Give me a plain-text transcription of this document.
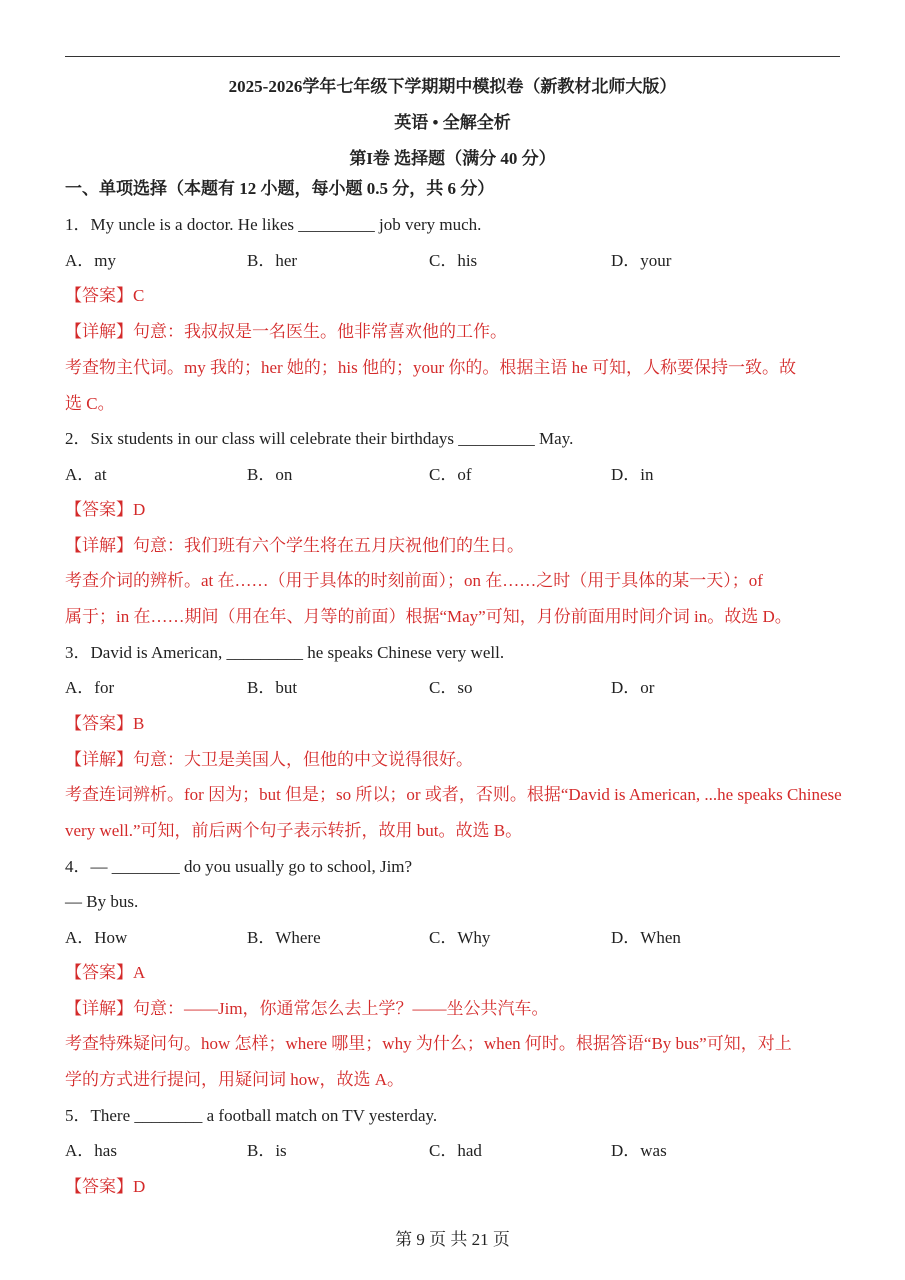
2025-2026学年七年级下学期期中模拟卷（新教材北师大版）
英语 • 全解全析
第I卷 选择题（满分 40 分）
一、单项选择（本题有 12 小题，每小题 0.5 分，共 6 分）
1．My uncle is a doctor. He likes _________ job very much.
A．my	B．her	C．his	D．your
【答案】C
【详解】句意：我叔叔是一名医生。他非常喜欢他的工作。
考查物主代词。my 我的；her 她的；his 他的；your 你的。根据主语 he 可知，人称要保持一致。故
选 C。
2．Six students in our class will celebrate their birthdays _________ May.
A．at	B．on	C．of	D．in
【答案】D
【详解】句意：我们班有六个学生将在五月庆祝他们的生日。
考查介词的辨析。at 在……（用于具体的时刻前面）；on 在……之时（用于具体的某一天）；of
属于；in 在……期间（用在年、月等的前面）根据“May”可知，月份前面用时间介词 in。故选 D。
3．David is American, _________ he speaks Chinese very well.
A．for	B．but	C．so	D．or
【答案】B
【详解】句意：大卫是美国人，但他的中文说得很好。
考查连词辨析。for 因为；but 但是；so 所以；or 或者，否则。根据“David is American, ...he speaks Chinese
very well.”可知，前后两个句子表示转折，故用 but。故选 B。
4．— ________ do you usually go to school, Jim?
— By bus.
A．How	B．Where	C．Why	D．When
【答案】A
【详解】句意：——Jim，你通常怎么去上学？——坐公共汽车。
考查特殊疑问句。how 怎样；where 哪里；why 为什么；when 何时。根据答语“By bus”可知，对上
学的方式进行提问，用疑问词 how，故选 A。
5．There ________ a football match on TV yesterday.
A．has	B．is	C．had	D．was
【答案】D
第 9 页 共 21 页
